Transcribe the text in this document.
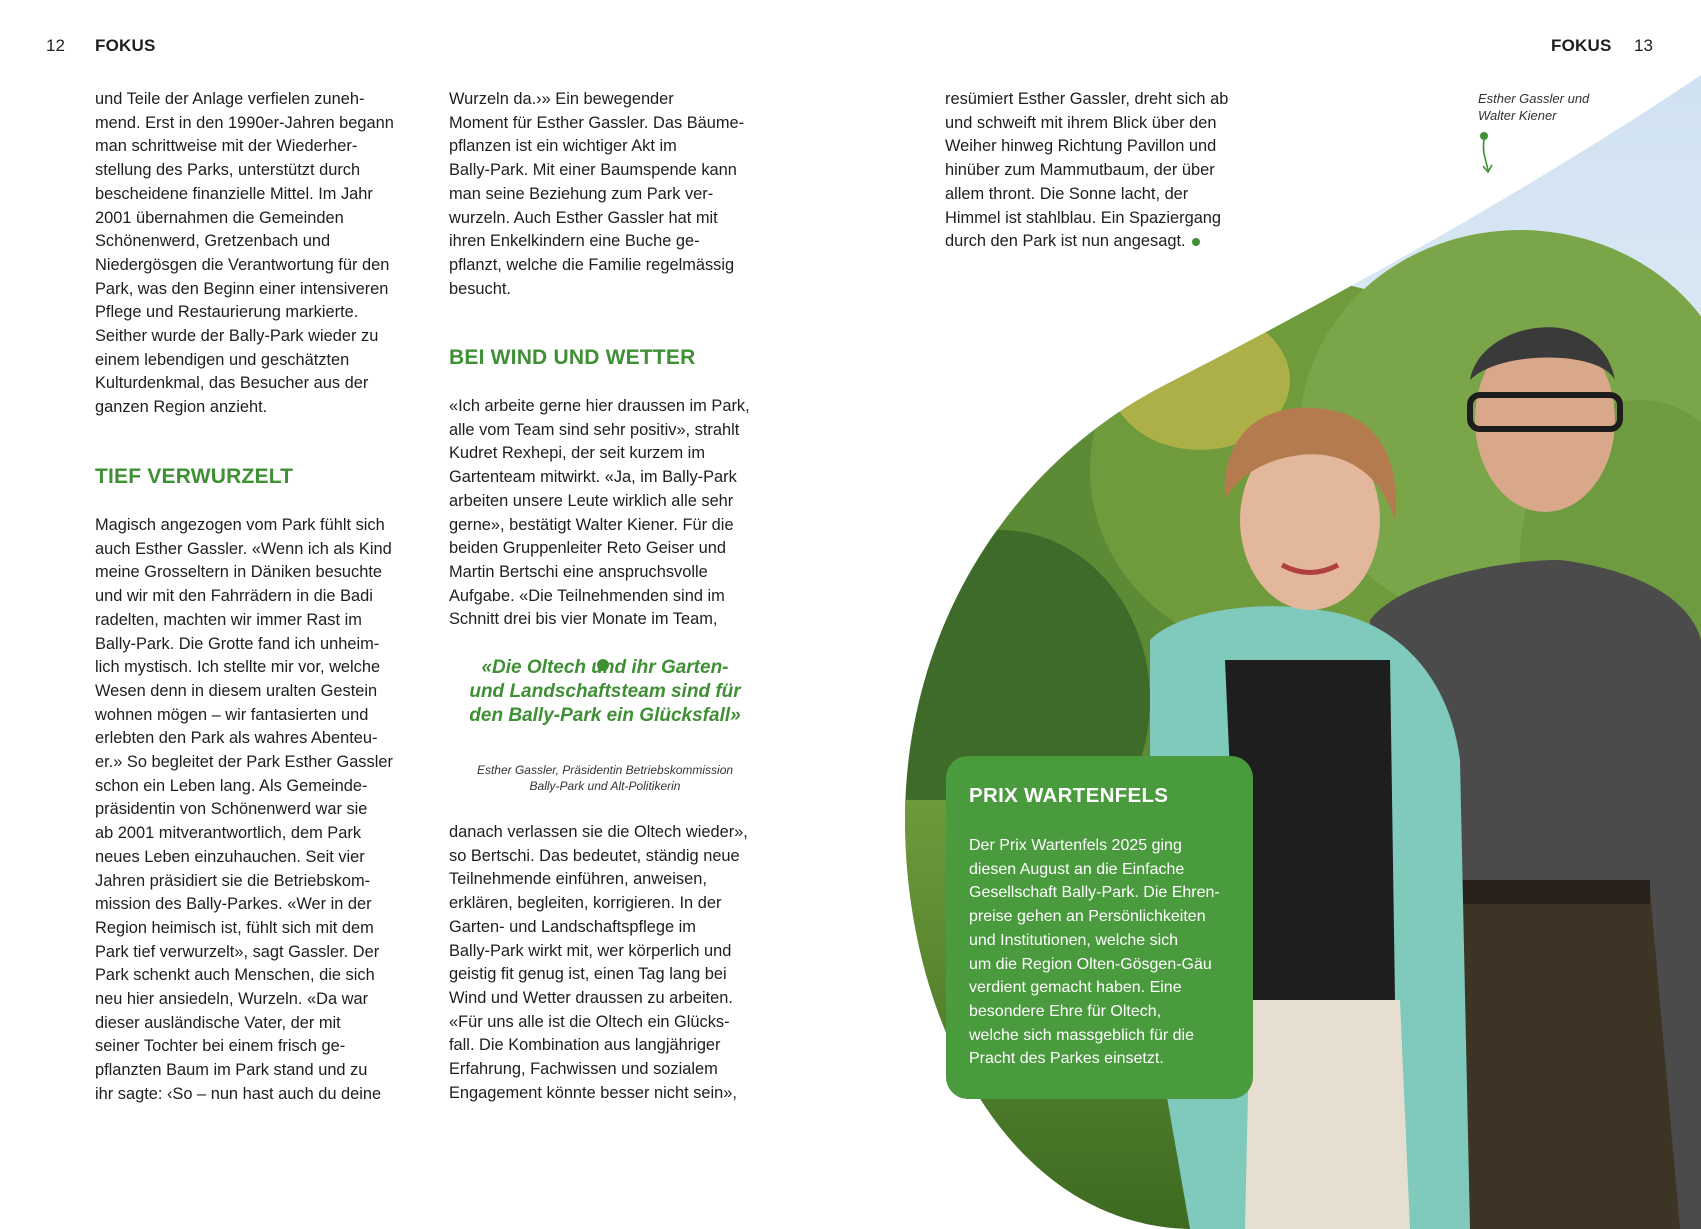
12 FOKUS	FOKUS 13

und Teile der Anlage verfielen zuneh-
mend. Erst in den 1990er-Jahren begann
man schrittweise mit der Wiederher-
stellung des Parks, unterstützt durch
bescheidene finanzielle Mittel. Im Jahr
2001 übernahmen die Gemeinden
Schönenwerd, Gretzenbach und
Niedergösgen die Verantwortung für den
Park, was den Beginn einer intensiveren
Pflege und Restaurierung markierte.
Seither wurde der Bally-Park wieder zu
einem lebendigen und geschätzten
Kulturdenkmal, das Besucher aus der
ganzen Region anzieht.

TIEF VERWURZELT

Magisch angezogen vom Park fühlt sich
auch Esther Gassler. «Wenn ich als Kind
meine Grosseltern in Däniken besuchte
und wir mit den Fahrrädern in die Badi
radelten, machten wir immer Rast im
Bally-Park. Die Grotte fand ich unheim-
lich mystisch. Ich stellte mir vor, welche
Wesen denn in diesem uralten Gestein
wohnen mögen – wir fantasierten und
erlebten den Park als wahres Abenteu-
er.» So begleitet der Park Esther Gassler
schon ein Leben lang. Als Gemeinde-
präsidentin von Schönenwerd war sie
ab 2001 mitverantwortlich, dem Park
neues Leben einzuhauchen. Seit vier
Jahren präsidiert sie die Betriebskom-
mission des Bally-Parkes. «Wer in der
Region heimisch ist, fühlt sich mit dem
Park tief verwurzelt», sagt Gassler. Der
Park schenkt auch Menschen, die sich
neu hier ansiedeln, Wurzeln. «Da war
dieser ausländische Vater, der mit
seiner Tochter bei einem frisch ge-
pflanzten Baum im Park stand und zu
ihr sagte: ‹So – nun hast auch du deine

Wurzeln da.›» Ein bewegender
Moment für Esther Gassler. Das Bäume-
pflanzen ist ein wichtiger Akt im
Bally-Park. Mit einer Baumspende kann
man seine Beziehung zum Park ver-
wurzeln. Auch Esther Gassler hat mit
ihren Enkelkindern eine Buche ge-
pflanzt, welche die Familie regelmässig
besucht.

BEI WIND UND WETTER

«Ich arbeite gerne hier draussen im Park,
alle vom Team sind sehr positiv», strahlt
Kudret Rexhepi, der seit kurzem im
Gartenteam mitwirkt. «Ja, im Bally-Park
arbeiten unsere Leute wirklich alle sehr
gerne», bestätigt Walter Kiener. Für die
beiden Gruppenleiter Reto Geiser und
Martin Bertschi eine anspruchsvolle
Aufgabe. «Die Teilnehmenden sind im
Schnitt drei bis vier Monate im Team,

«Die Oltech und ihr Garten-
und Landschaftsteam sind für
den Bally-Park ein Glücksfall»
Esther Gassler, Präsidentin Betriebskommission
Bally-Park und Alt-Politikerin

danach verlassen sie die Oltech wieder»,
so Bertschi. Das bedeutet, ständig neue
Teilnehmende einführen, anweisen,
erklären, begleiten, korrigieren. In der
Garten- und Landschaftspflege im
Bally-Park wirkt mit, wer körperlich und
geistig fit genug ist, einen Tag lang bei
Wind und Wetter draussen zu arbeiten.
«Für uns alle ist die Oltech ein Glücks-
fall. Die Kombination aus langjähriger
Erfahrung, Fachwissen und sozialem
Engagement könnte besser nicht sein»,

resümiert Esther Gassler, dreht sich ab
und schweift mit ihrem Blick über den
Weiher hinweg Richtung Pavillon und
hinüber zum Mammutbaum, der über
allem thront. Die Sonne lacht, der
Himmel ist stahlblau. Ein Spaziergang
durch den Park ist nun angesagt.

Esther Gassler und
Walter Kiener
PRIX WARTENFELS
Der Prix Wartenfels 2025 ging
diesen August an die Einfache
Gesellschaft Bally-Park. Die Ehren-
preise gehen an Persönlichkeiten
und Institutionen, welche sich
um die Region Olten-Gösgen-Gäu
verdient gemacht haben. Eine
besondere Ehre für Oltech,
welche sich massgeblich für die
Pracht des Parkes einsetzt.
